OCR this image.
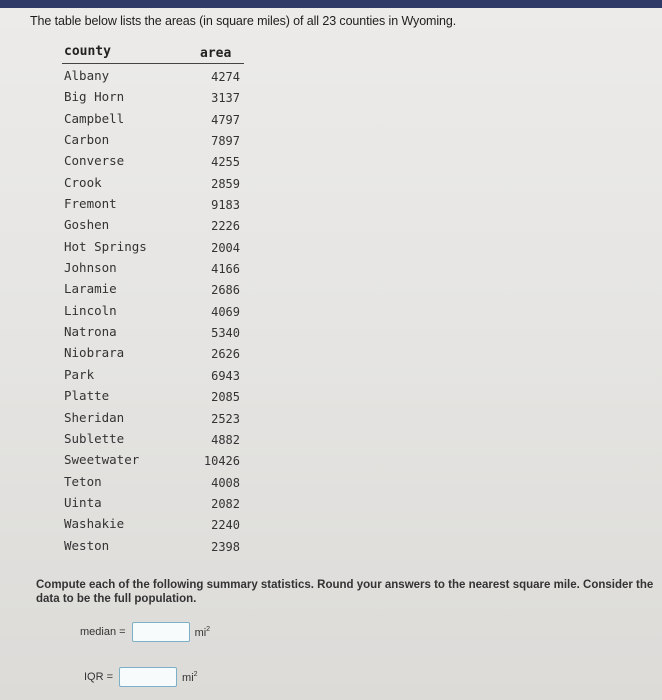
The table below lists the areas (in square miles) of all 23 counties in Wyoming.
county	area
Albany	4274
Big Horn	3137
Campbell	4797
Carbon	7897
Converse	4255
Crook	2859
Fremont	9183
Goshen	2226
Hot Springs	2004
Johnson	4166
Laramie	2686
Lincoln	4069
Natrona	5340
Niobrara	2626
Park	6943
Platte	2085
Sheridan	2523
Sublette	4882
Sweetwater	10426
Teton	4008
Uinta	2082
Washakie	2240
Weston	2398
Compute each of the following summary statistics. Round your answers to the nearest square mile. Consider the data to be the full population.
median =	$mi^2$
IQR =	$mi^2$
